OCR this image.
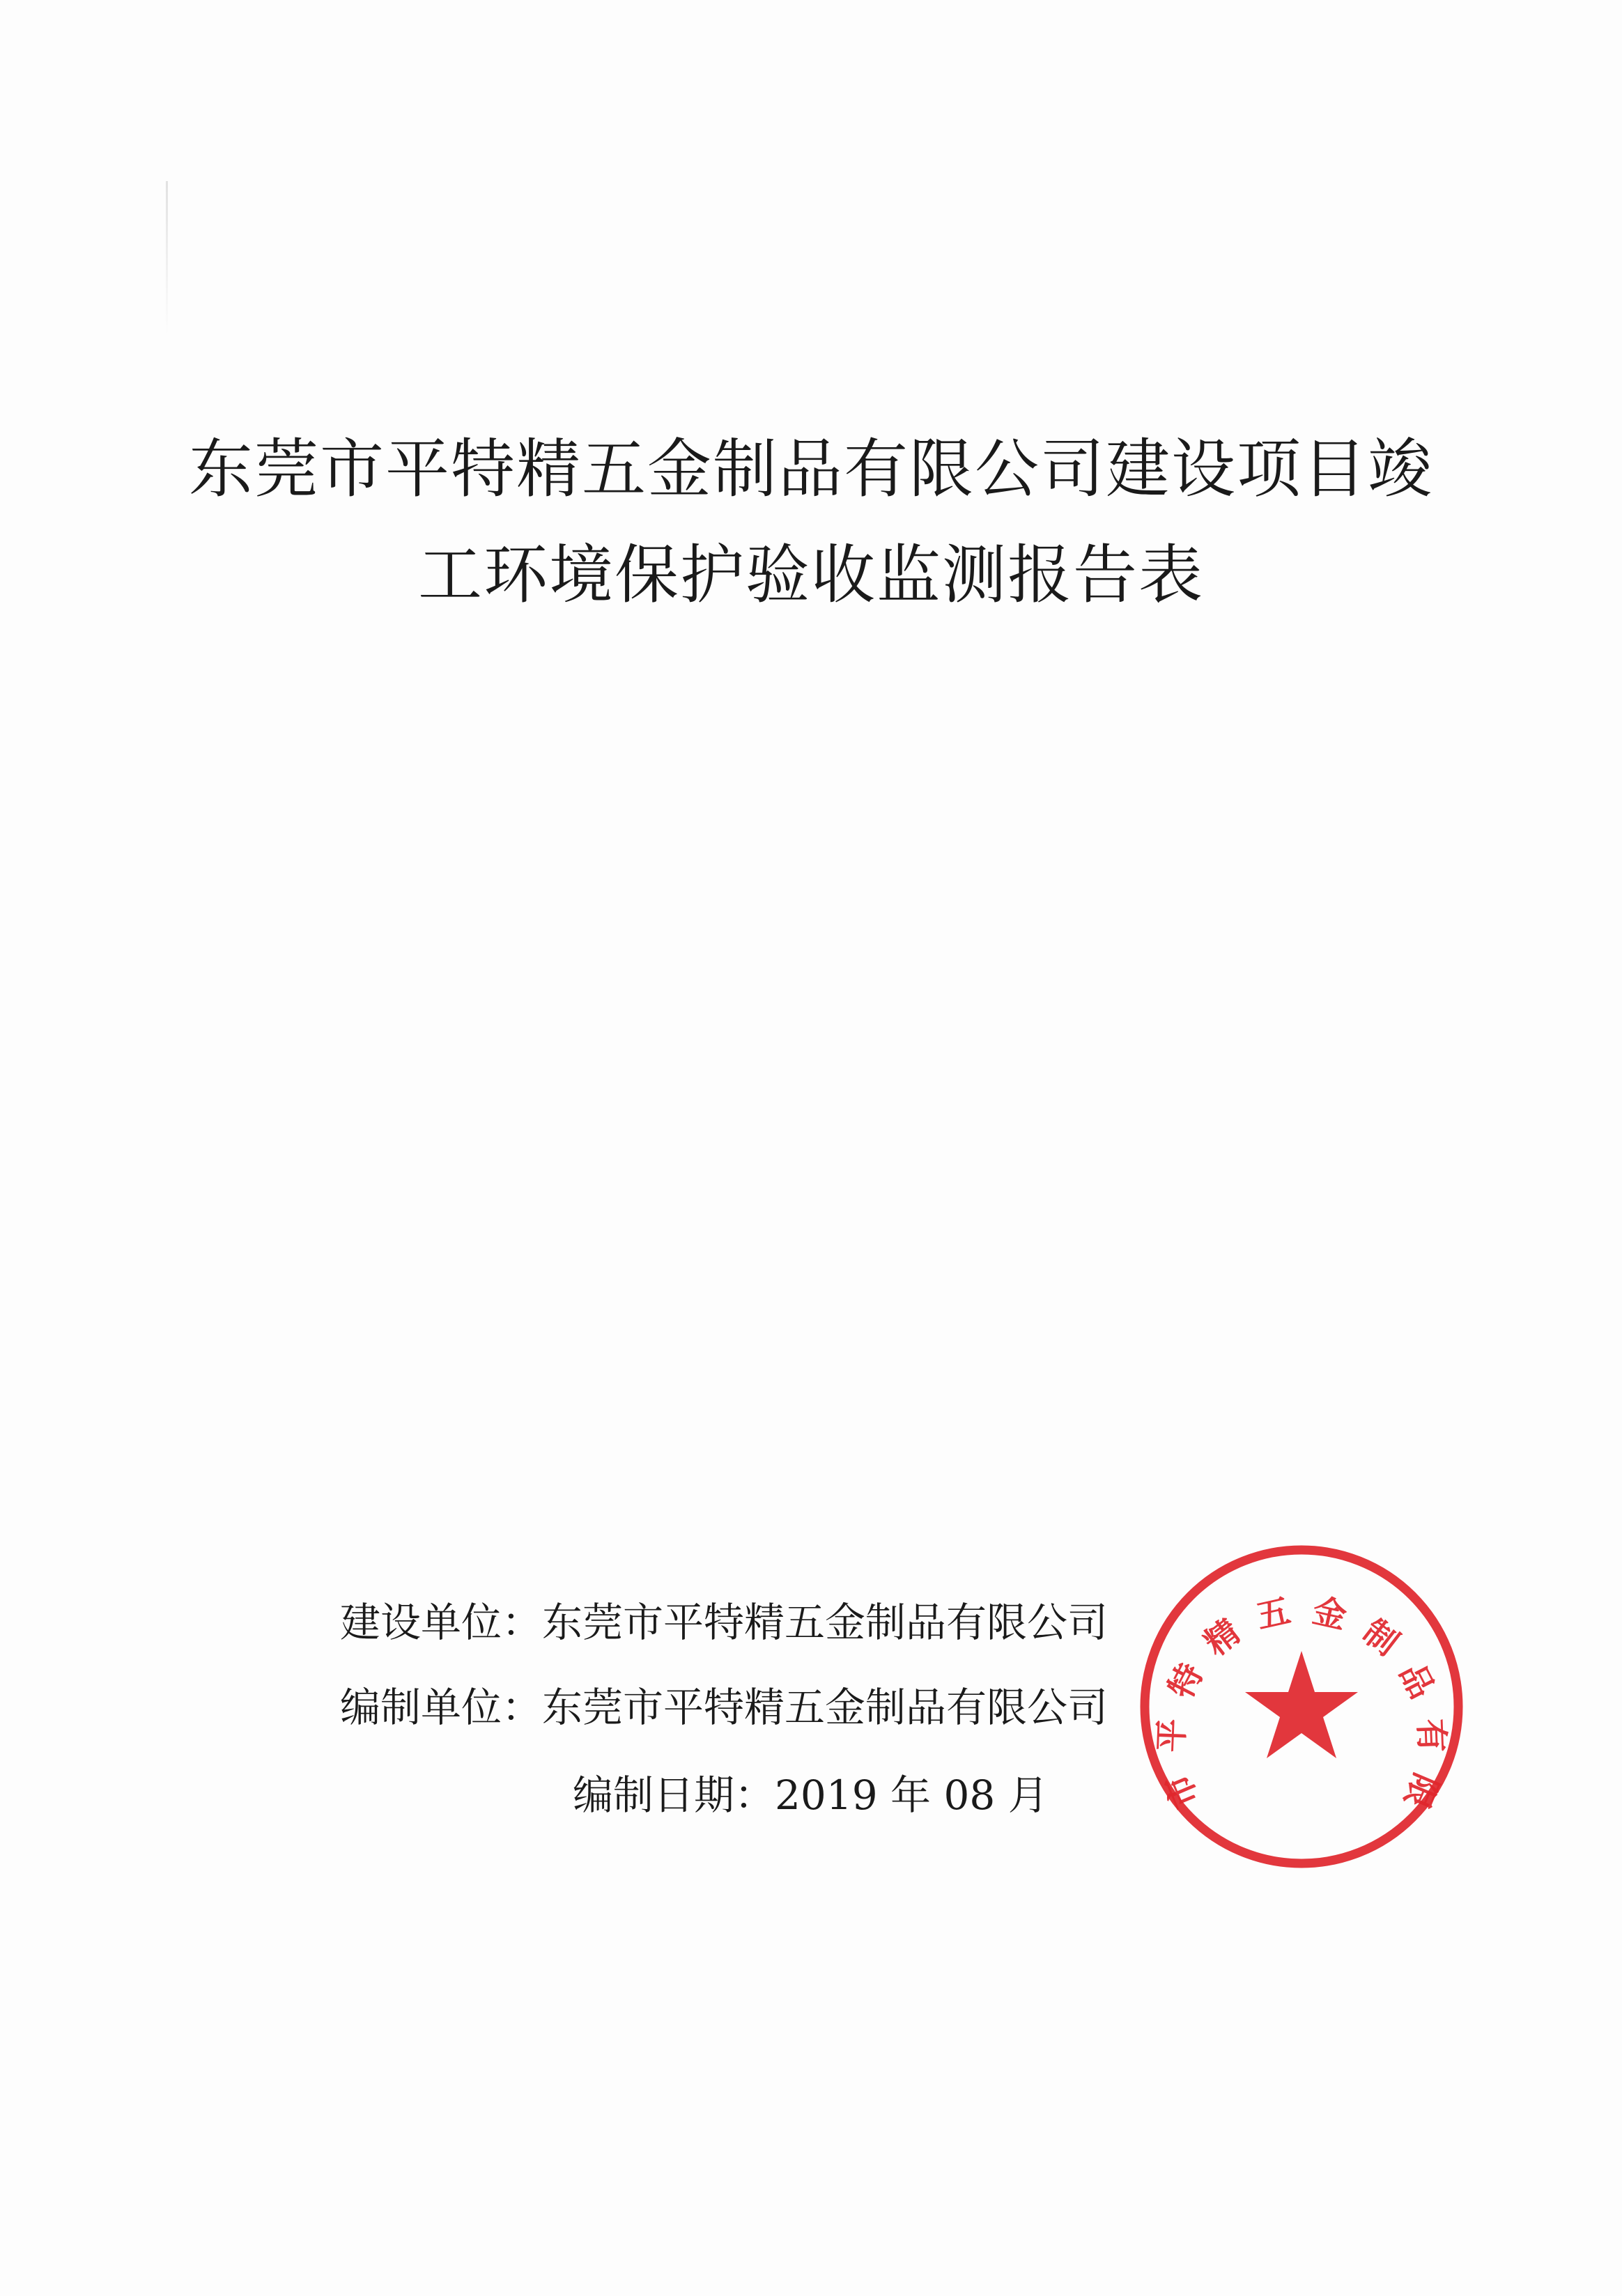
东莞市平特精五金制品有限公司建设项目竣
工环境保护验收监测报告表
建设单位：东莞市平特精五金制品有限公司
编制单位：东莞市平特精五金制品有限公司
编制日期：2019 年 08 月	市平特精五金制品有限
